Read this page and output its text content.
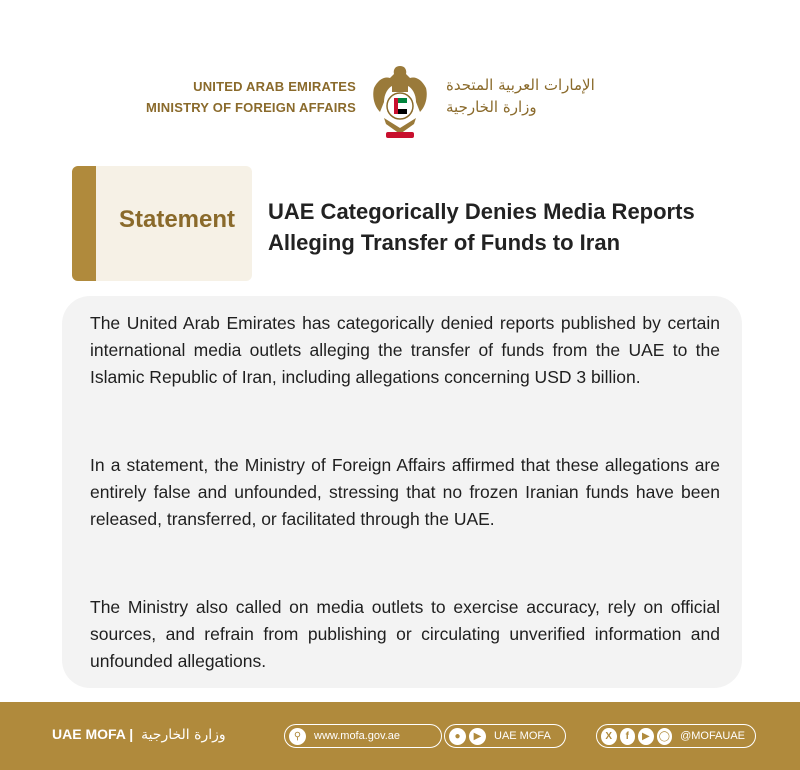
UNITED ARAB EMIRATES
MINISTRY OF FOREIGN AFFAIRS
الإمارات العربية المتحدة
وزارة الخارجية
Statement	UAE Categorically Denies Media Reports Alleging Transfer of Funds to Iran

The United Arab Emirates has categorically denied reports published by certain international media outlets alleging the transfer of funds from the UAE to the Islamic Republic of Iran, including allegations concerning USD 3 billion.

In a statement, the Ministry of Foreign Affairs affirmed that these allegations are entirely false and unfounded, stressing that no frozen Iranian funds have been released, transferred, or facilitated through the UAE.

The Ministry also called on media outlets to exercise accuracy, rely on official sources, and refrain from publishing or circulating unverified information and unfounded allegations.

UAE MOFA | وزارة الخارجية	⚲	www.mofa.gov.ae	●	▶	UAE MOFA	X	f	▶ ◯ @MOFAUAE
